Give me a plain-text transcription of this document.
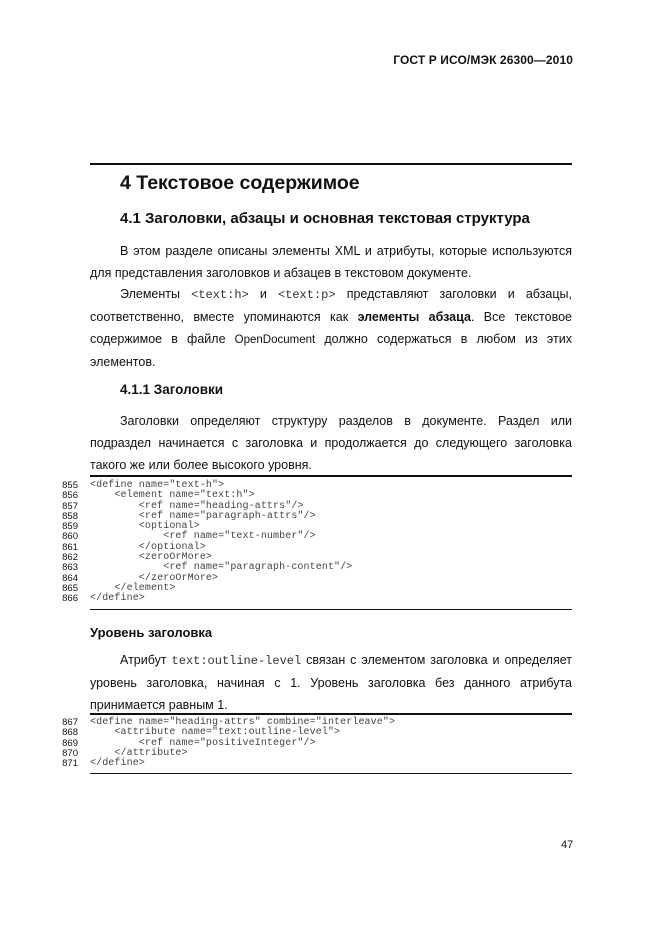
ГОСТ Р ИСО/МЭК 26300—2010
4 Текстовое содержимое
4.1 Заголовки, абзацы и основная текстовая структура
В этом разделе описаны элементы XML и атрибуты, которые используются
для представления заголовков и абзацев в текстовом документе.
Элементы <text:h> и <text:p> представляют заголовки и абзацы,
соответственно, вместе упоминаются как элементы абзаца. Все текстовое
содержимое в файле OpenDocument должно содержаться в любом из этих
элементов.
4.1.1 Заголовки
Заголовки определяют структуру разделов в документе. Раздел или
подраздел начинается с заголовка и продолжается до следующего заголовка
такого же или более высокого уровня.
855 <define name="text-h">
856 <element name="text:h">
857 <ref name="heading-attrs"/>
858 <ref name="paragraph-attrs"/>
859 <optional>
860 <ref name="text-number"/>
861 </optional>
862 <zeroOrMore>
863 <ref name="paragraph-content"/>
864 </zeroOrMore>
865 </element>
866 </define>
Уровень заголовка
Атрибут text:outline-level связан с элементом заголовка и определяет
уровень заголовка, начиная с 1. Уровень заголовка без данного атрибута
принимается равным 1.
867 <define name="heading-attrs" combine="interleave">
868 <attribute name="text:outline-level">
869 <ref name="positiveInteger"/>
870 </attribute>
871 </define>
47
